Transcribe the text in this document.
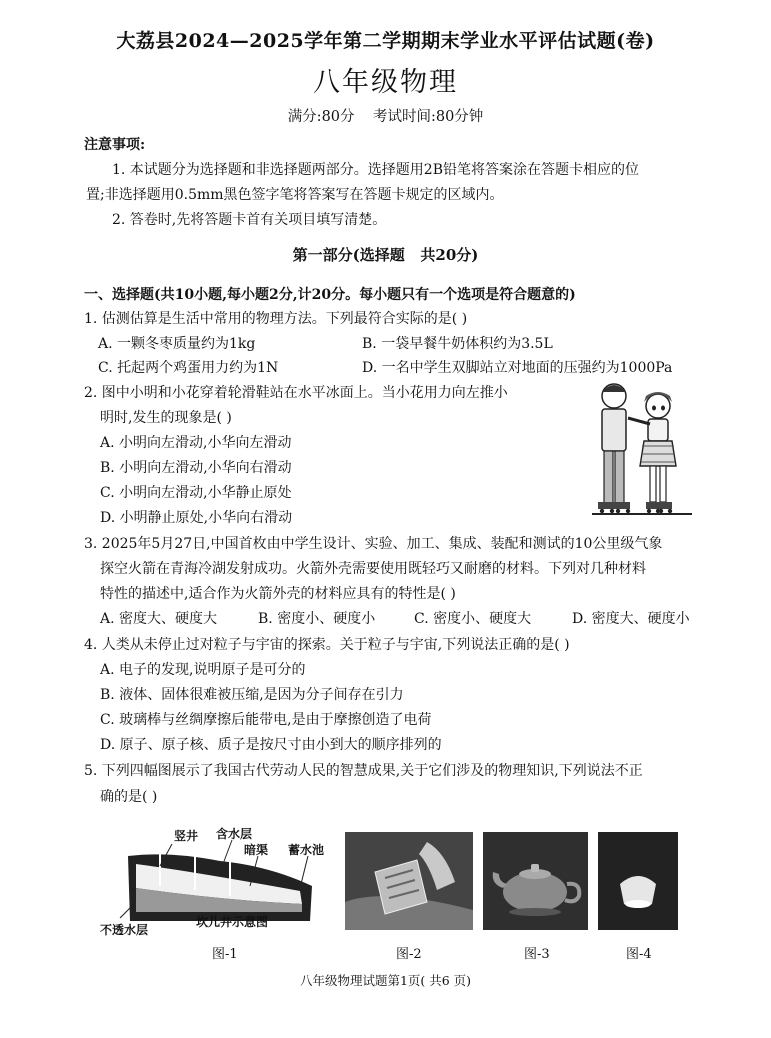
大荔县2024—2025学年第二学期期末学业水平评估试题(卷)
八年级物理
满分:80分    考试时间:80分钟
注意事项:
1. 本试题分为选择题和非选择题两部分。选择题用2B铅笔将答案涂在答题卡相应的位
置;非选择题用0.5mm黑色签字笔将答案写在答题卡规定的区域内。
2. 答卷时,先将答题卡首有关项目填写清楚。
第一部分(选择题   共20分)
一、选择题(共10小题,每小题2分,计20分。每小题只有一个选项是符合题意的)
1. 估测估算是生活中常用的物理方法。下列最符合实际的是( )
A. 一颗冬枣质量约为1kg	B. 一袋早餐牛奶体积约为3.5L
C. 托起两个鸡蛋用力约为1N	D. 一名中学生双脚站立对地面的压强约为1000Pa
2. 图中小明和小花穿着轮滑鞋站在水平冰面上。当小花用力向左推小
明时,发生的现象是( )
A. 小明向左滑动,小华向左滑动
B. 小明向左滑动,小华向右滑动
C. 小明向左滑动,小华静止原处
D. 小明静止原处,小华向右滑动
3. 2025年5月27日,中国首枚由中学生设计、实验、加工、集成、装配和测试的10公里级气象
探空火箭在青海冷湖发射成功。火箭外壳需要使用既轻巧又耐磨的材料。下列对几种材料
特性的描述中,适合作为火箭外壳的材料应具有的特性是( )
A. 密度大、硬度大	B. 密度小、硬度小	C. 密度小、硬度大	D. 密度大、硬度小
4. 人类从未停止过对粒子与宇宙的探索。关于粒子与宇宙,下列说法正确的是( )
A. 电子的发现,说明原子是可分的
B. 液体、固体很难被压缩,是因为分子间存在引力
C. 玻璃棒与丝绸摩擦后能带电,是由于摩擦创造了电荷
D. 原子、原子核、质子是按尺寸由小到大的顺序排列的
5. 下列四幅图展示了我国古代劳动人民的智慧成果,关于它们涉及的物理知识,下列说法不正
确的是( )
竖井 含水层
暗渠 蓄水池
不透水层
坎儿井示意图
图-1	图-2	图-3	图-4
八年级物理试题第1页( 共6 页)
